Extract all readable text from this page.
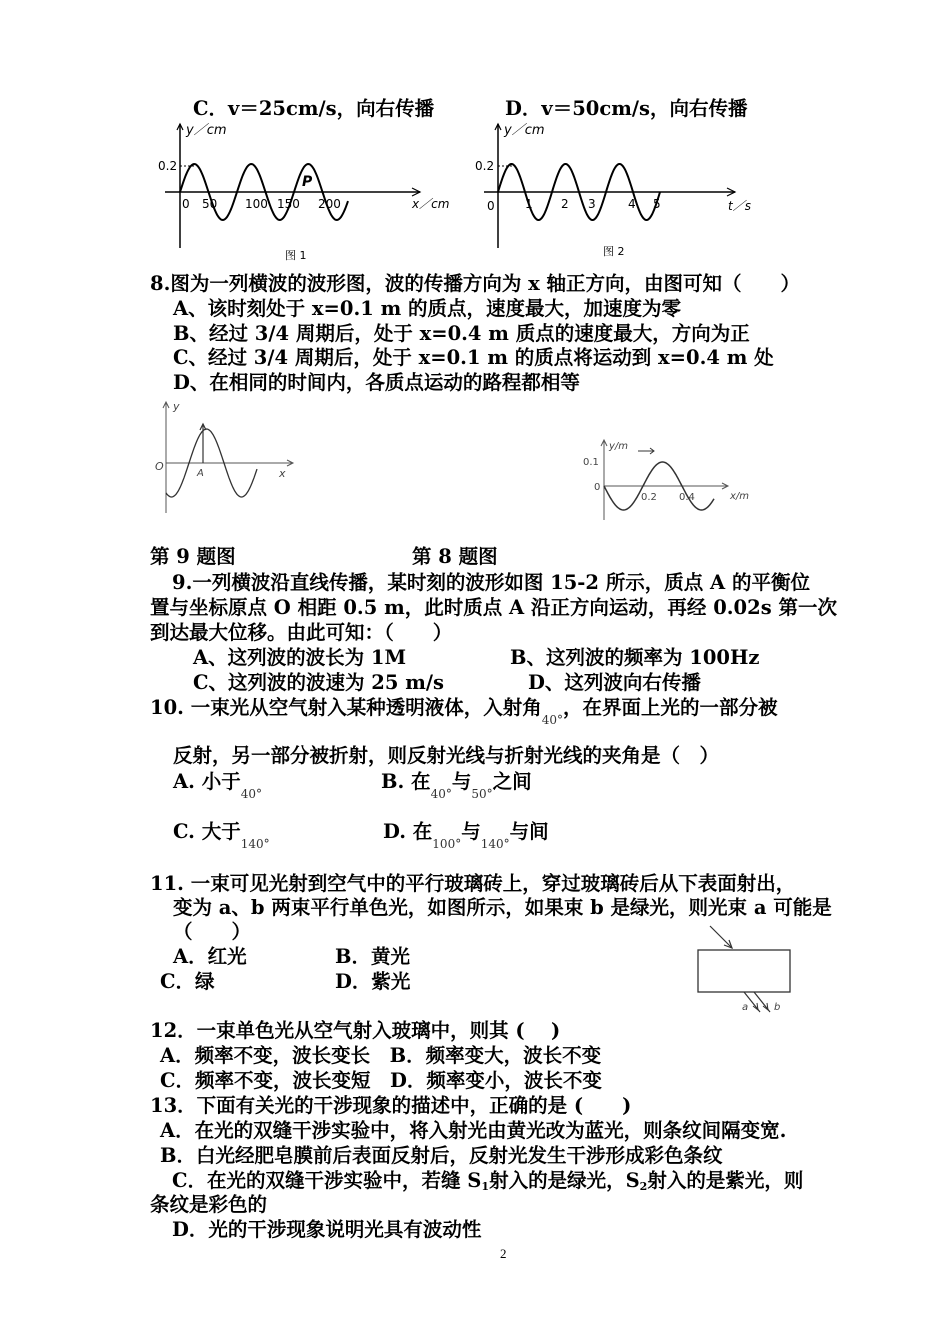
C．v＝25cm/s，向右传播	D．v＝50cm/s，向右传播
y／cm
0.2
0 50 100 150 200
P
x／cm
图 1
y／cm
0.2
0	1 2 3	4 5	t／s
图 2
8.图为一列横波的波形图，波的传播方向为 x 轴正方向，由图可知（　　）
A、该时刻处于 x=0.1 m 的质点，速度最大，加速度为零
B、经过 3/4 周期后，处于 x=0.4 m 质点的速度最大，方向为正
C、经过 3/4 周期后，处于 x=0.1 m 的质点将运动到 x=0.4 m 处
D、在相同的时间内，各质点运动的路程都相等
y
O
A	x
y/m
0.1
0
0.2 0.4	x/m
第 9 题图	第 8 题图
9.一列横波沿直线传播，某时刻的波形如图 15-2 所示，质点 A 的平衡位
置与坐标原点 O 相距 0.5 m，此时质点 A 沿正方向运动，再经 0.02s 第一次
到达最大位移。由此可知：（　　）
A、这列波的波长为 1M	B、这列波的频率为 100Hz
C、这列波的波速为 25 m/s	D、这列波向右传播
10. 一束光从空气射入某种透明液体，入射角$_{40^\circ}$，在界面上光的一部分被
反射，另一部分被折射，则反射光线与折射光线的夹角是（　）
A. 小于$_{40^\circ}$
B. 在$_{40^\circ}$与$_{50^\circ}$之间
C. 大于$_{140^\circ}$
D. 在$_{100^\circ}$与$_{140^\circ}$与间
11. 一束可见光射到空气中的平行玻璃砖上，穿过玻璃砖后从下表面射出，
变为 a、b 两束平行单色光，如图所示，如果束 b 是绿光，则光束 a 可能是
（　　）
A．红光	B．黄光
C．绿	D．紫光
a	b
12．一束单色光从空气射入玻璃中，则其 (　 )
A．频率不变，波长变长　B．频率变大，波长不变
C．频率不变，波长变短　D．频率变小，波长不变
13．下面有关光的干涉现象的描述中，正确的是 (　　)
A．在光的双缝干涉实验中，将入射光由黄光改为蓝光，则条纹间隔变宽.
B．白光经肥皂膜前后表面反射后，反射光发生干涉形成彩色条纹
C．在光的双缝干涉实验中，若缝 $S_1$射入的是绿光，$S_2$射入的是紫光，则
条纹是彩色的
D．光的干涉现象说明光具有波动性
2
